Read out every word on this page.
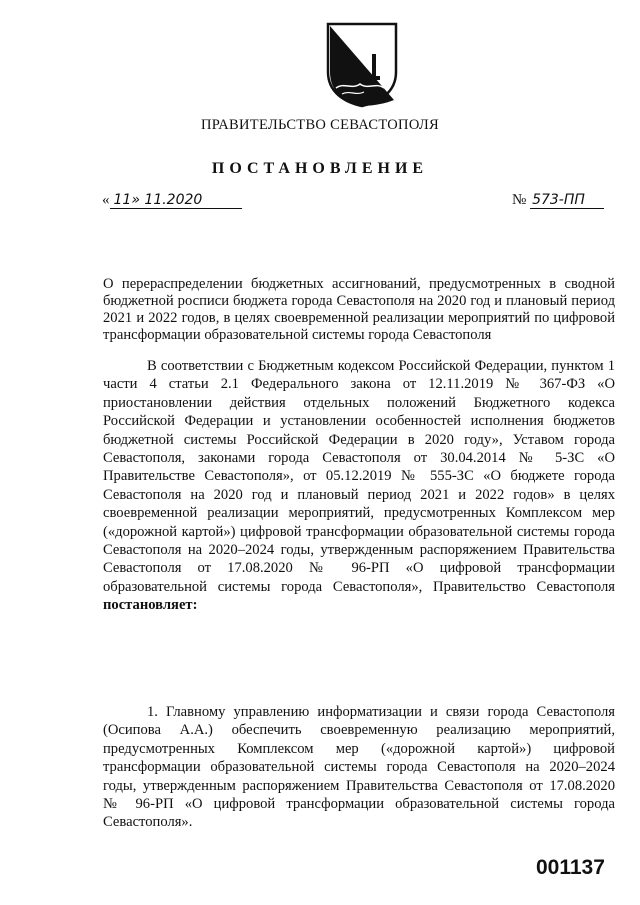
ПРАВИТЕЛЬСТВО СЕВАСТОПОЛЯ
ПОСТАНОВЛЕНИЕ
« 11» 11.2020	№ 573-ПП
О перераспределении бюджетных ассигнований, предусмотренных в сводной бюджетной росписи бюджета города Севастополя на 2020 год и плановый период 2021 и 2022 годов, в целях своевременной реализации мероприятий по цифровой трансформации образовательной системы города Севастополя
В соответствии с Бюджетным кодексом Российской Федерации, пунктом 1 части 4 статьи 2.1 Федерального закона от 12.11.2019 № 367-ФЗ «О приостановлении действия отдельных положений Бюджетного кодекса Российской Федерации и установлении особенностей исполнения бюджетов бюджетной системы Российской Федерации в 2020 году», Уставом города Севастополя, законами города Севастополя от 30.04.2014 № 5-ЗС «О Правительстве Севастополя», от 05.12.2019 № 555-ЗС «О бюджете города Севастополя на 2020 год и плановый период 2021 и 2022 годов» в целях своевременной реализации мероприятий, предусмотренных Комплексом мер («дорожной картой») цифровой трансформации образовательной системы города Севастополя на 2020–2024 годы, утвержденным распоряжением Правительства Севастополя от 17.08.2020 № 96-РП «О цифровой трансформации образовательной системы города Севастополя», Правительство Севастополя постановляет:
1. Главному управлению информатизации и связи города Севастополя (Осипова А.А.) обеспечить своевременную реализацию мероприятий, предусмотренных Комплексом мер («дорожной картой») цифровой трансформации образовательной системы города Севастополя на 2020–2024 годы, утвержденным распоряжением Правительства Севастополя от 17.08.2020 № 96-РП «О цифровой трансформации образовательной системы города Севастополя».
001137
